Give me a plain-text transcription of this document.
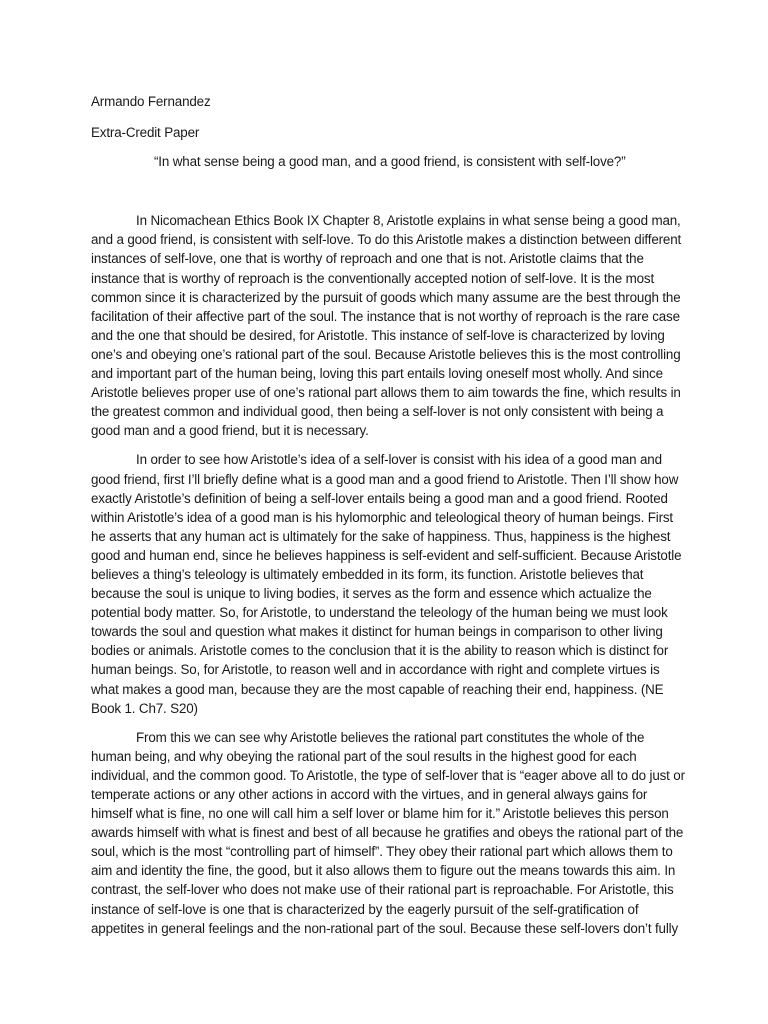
Armando Fernandez

Extra-Credit Paper

“In what sense being a good man, and a good friend, is consistent with self-love?”

In Nicomachean Ethics Book IX Chapter 8, Aristotle explains in what sense being a good man, and a good friend, is consistent with self-love. To do this Aristotle makes a distinction between different instances of self-love, one that is worthy of reproach and one that is not. Aristotle claims that the instance that is worthy of reproach is the conventionally accepted notion of self-love. It is the most common since it is characterized by the pursuit of goods which many assume are the best through the facilitation of their affective part of the soul. The instance that is not worthy of reproach is the rare case and the one that should be desired, for Aristotle. This instance of self-love is characterized by loving one’s and obeying one’s rational part of the soul. Because Aristotle believes this is the most controlling and important part of the human being, loving this part entails loving oneself most wholly. And since Aristotle believes proper use of one’s rational part allows them to aim towards the fine, which results in the greatest common and individual good, then being a self-lover is not only consistent with being a good man and a good friend, but it is necessary.

In order to see how Aristotle’s idea of a self-lover is consist with his idea of a good man and good friend, first I’ll briefly define what is a good man and a good friend to Aristotle. Then I’ll show how exactly Aristotle’s definition of being a self-lover entails being a good man and a good friend. Rooted within Aristotle’s idea of a good man is his hylomorphic and teleological theory of human beings. First he asserts that any human act is ultimately for the sake of happiness. Thus, happiness is the highest good and human end, since he believes happiness is self-evident and self-sufficient. Because Aristotle believes a thing’s teleology is ultimately embedded in its form, its function. Aristotle believes that because the soul is unique to living bodies, it serves as the form and essence which actualize the potential body matter. So, for Aristotle, to understand the teleology of the human being we must look towards the soul and question what makes it distinct for human beings in comparison to other living bodies or animals. Aristotle comes to the conclusion that it is the ability to reason which is distinct for human beings. So, for Aristotle, to reason well and in accordance with right and complete virtues is what makes a good man, because they are the most capable of reaching their end, happiness. (NE Book 1. Ch7. S20)

From this we can see why Aristotle believes the rational part constitutes the whole of the human being, and why obeying the rational part of the soul results in the highest good for each individual, and the common good. To Aristotle, the type of self-lover that is “eager above all to do just or temperate actions or any other actions in accord with the virtues, and in general always gains for himself what is fine, no one will call him a self lover or blame him for it.” Aristotle believes this person awards himself with what is finest and best of all because he gratifies and obeys the rational part of the soul, which is the most “controlling part of himself”. They obey their rational part which allows them to aim and identity the fine, the good, but it also allows them to figure out the means towards this aim. In contrast, the self-lover who does not make use of their rational part is reproachable. For Aristotle, this instance of self-love is one that is characterized by the eagerly pursuit of the self-gratification of appetites in general feelings and the non-rational part of the soul. Because these self-lovers don’t fully
